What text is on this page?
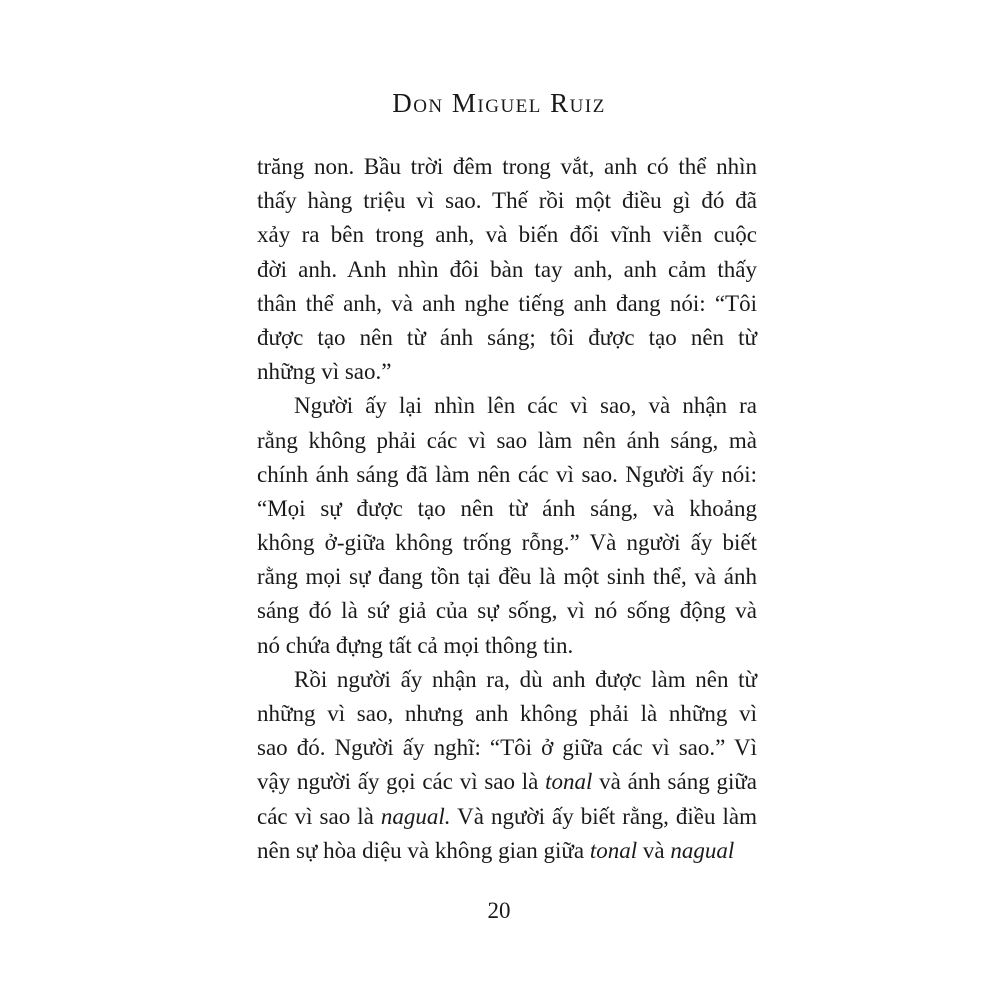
Don Miguel Ruiz
trăng non. Bầu trời đêm trong vắt, anh có thể nhìn
thấy hàng triệu vì sao. Thế rồi một điều gì đó đã
xảy ra bên trong anh, và biến đổi vĩnh viễn cuộc
đời anh. Anh nhìn đôi bàn tay anh, anh cảm thấy
thân thể anh, và anh nghe tiếng anh đang nói: “Tôi
được tạo nên từ ánh sáng; tôi được tạo nên từ
những vì sao.”
Người ấy lại nhìn lên các vì sao, và nhận ra
rằng không phải các vì sao làm nên ánh sáng, mà
chính ánh sáng đã làm nên các vì sao. Người ấy nói:
“Mọi sự được tạo nên từ ánh sáng, và khoảng
không ở-giữa không trống rỗng.” Và người ấy biết
rằng mọi sự đang tồn tại đều là một sinh thể, và ánh
sáng đó là sứ giả của sự sống, vì nó sống động và
nó chứa đựng tất cả mọi thông tin.
Rồi người ấy nhận ra, dù anh được làm nên từ
những vì sao, nhưng anh không phải là những vì
sao đó. Người ấy nghĩ: “Tôi ở giữa các vì sao.” Vì
vậy người ấy gọi các vì sao là tonal và ánh sáng giữa
các vì sao là nagual. Và người ấy biết rằng, điều làm
nên sự hòa diệu và không gian giữa tonal và nagual
20
